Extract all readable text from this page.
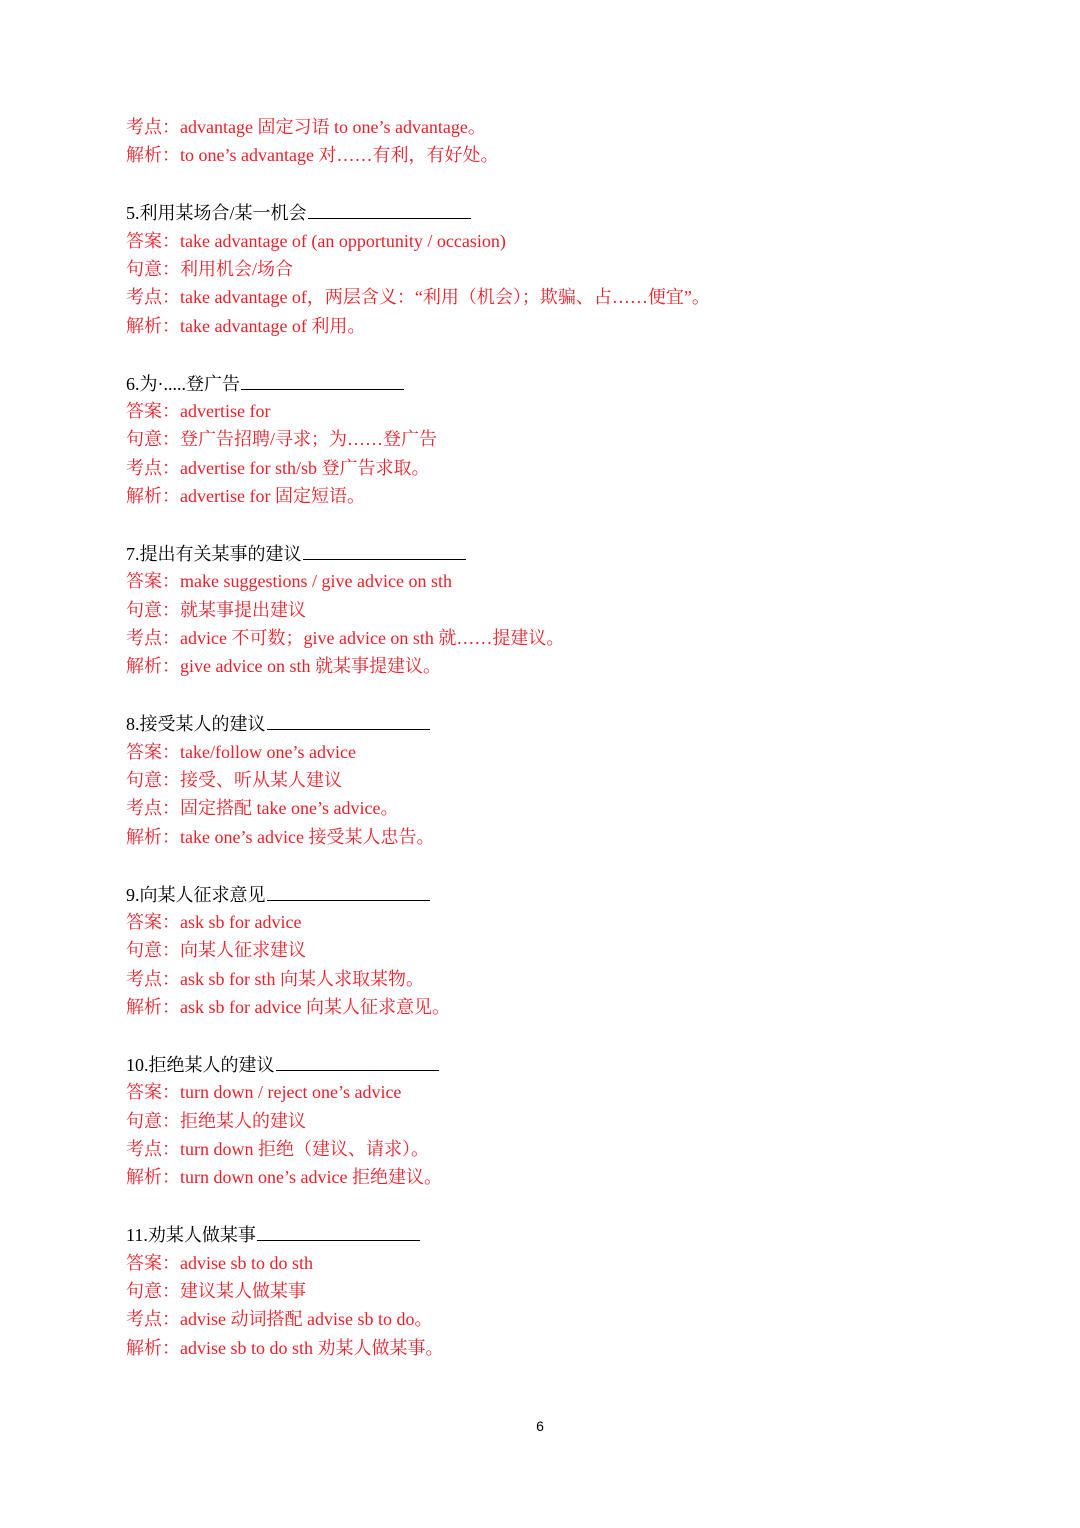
考点：advantage 固定习语 to one’s advantage。
解析：to one’s advantage 对……有利，有好处。
5.利用某场合/某一机会
答案：take advantage of (an opportunity / occasion)
句意：利用机会/场合
考点：take advantage of，两层含义：“利用（机会）；欺骗、占……便宜”。
解析：take advantage of 利用。
6.为·.....登广告
答案：advertise for
句意：登广告招聘/寻求；为……登广告
考点：advertise for sth/sb 登广告求取。
解析：advertise for 固定短语。
7.提出有关某事的建议
答案：make suggestions / give advice on sth
句意：就某事提出建议
考点：advice 不可数；give advice on sth 就……提建议。
解析：give advice on sth 就某事提建议。
8.接受某人的建议
答案：take/follow one’s advice
句意：接受、听从某人建议
考点：固定搭配 take one’s advice。
解析：take one’s advice 接受某人忠告。
9.向某人征求意见
答案：ask sb for advice
句意：向某人征求建议
考点：ask sb for sth 向某人求取某物。
解析：ask sb for advice 向某人征求意见。
10.拒绝某人的建议
答案：turn down / reject one’s advice
句意：拒绝某人的建议
考点：turn down 拒绝（建议、请求）。
解析：turn down one’s advice 拒绝建议。
11.劝某人做某事
答案：advise sb to do sth
句意：建议某人做某事
考点：advise 动词搭配 advise sb to do。
解析：advise sb to do sth 劝某人做某事。
6
